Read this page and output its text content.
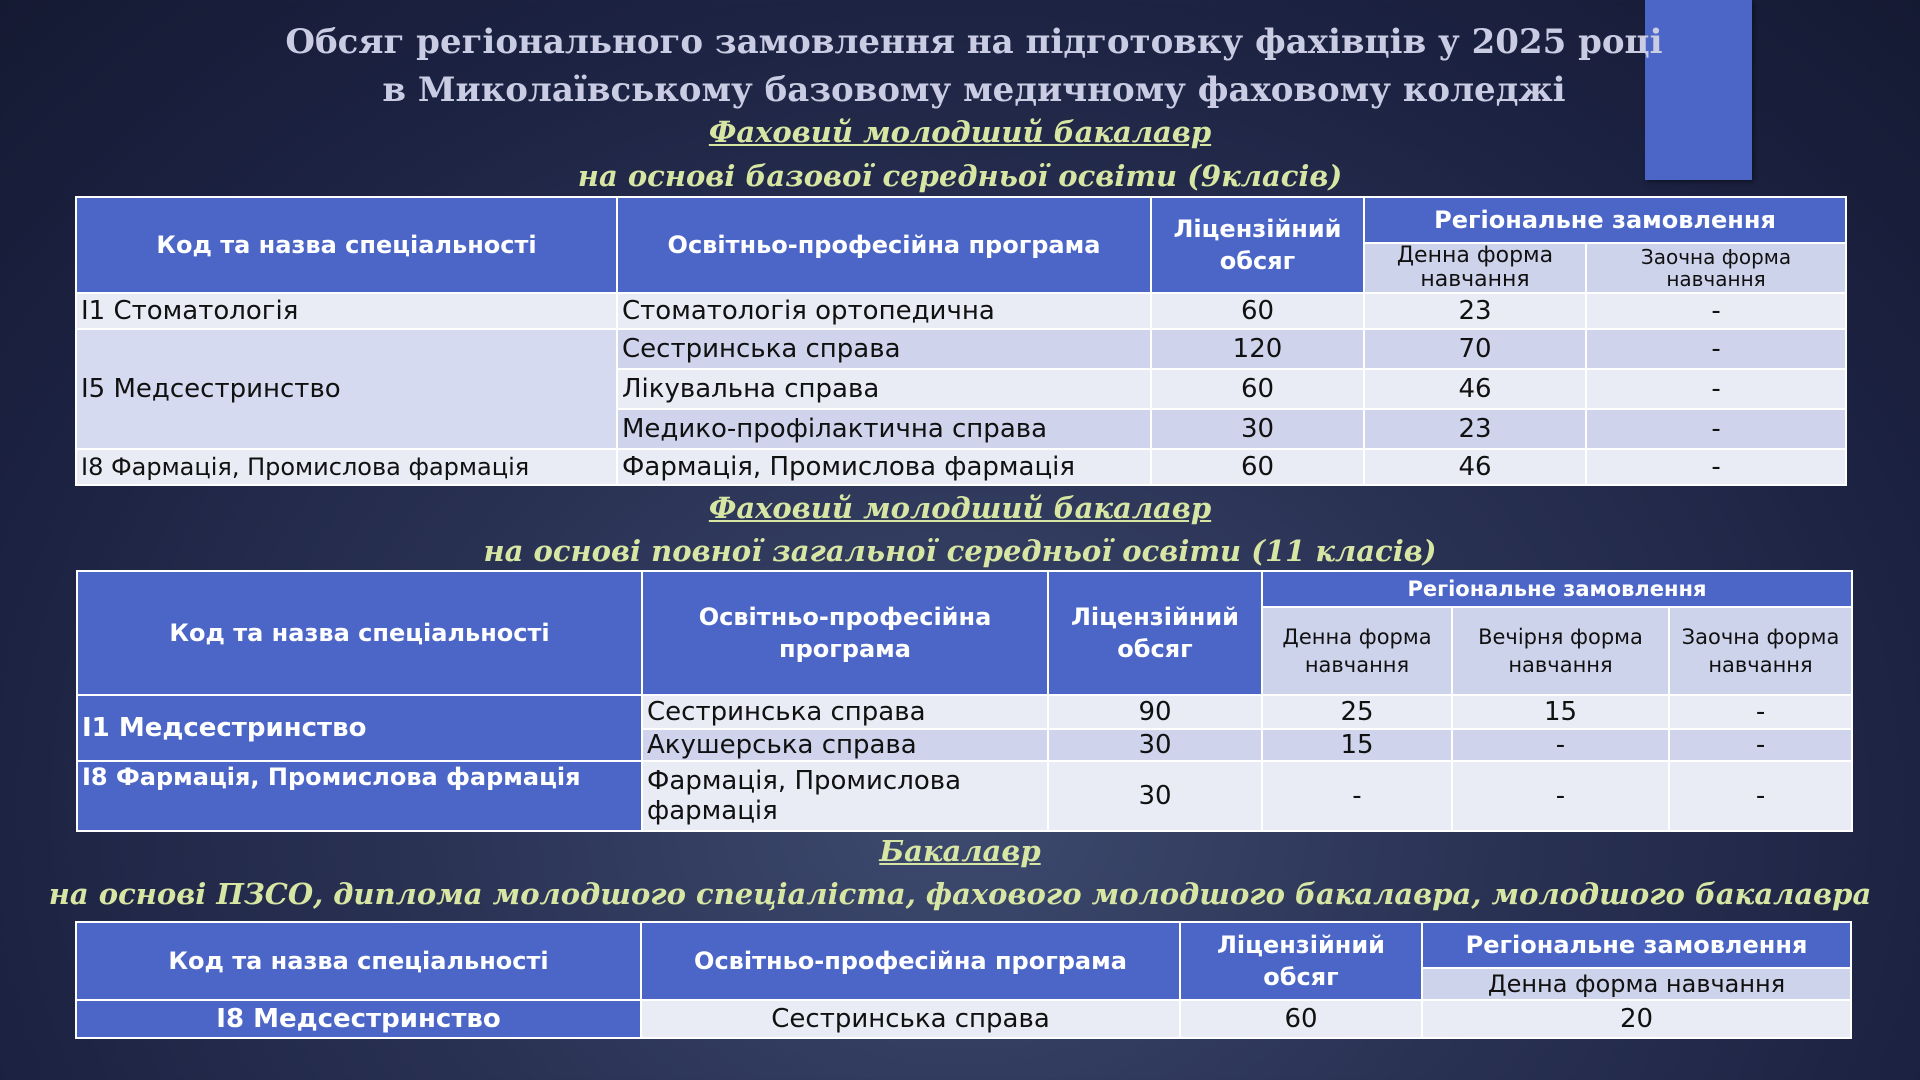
Обсяг регіонального замовлення на підготовку фахівців у 2025 році
в Миколаївському базовому медичному фаховому коледжі
Фаховий молодший бакалавр
на основі базової середньої освіти (9класів)
Код та назва спеціальності	Освітньо-професійна програма	Ліцензійний обсяг	Регіональне замовлення	
			Денна форма навчання	Заочна форма навчання
I1 Стоматологія	Стоматологія ортопедична	60	23	-
I5 Медсестринство	Сестринська справа	120	70	-
	Лікувальна справа	60	46	-
	Медико-профілактична справа	30	23	-
I8 Фармація, Промислова фармація	Фармація, Промислова фармація	60	46	-
Фаховий молодший бакалавр
на основі повної загальної середньої освіти (11 класів)
Код та назва спеціальності	Освітньо-професійна програма	Ліцензійний обсяг	Регіональне замовлення		
			Денна форма навчання	Вечірня форма навчання	Заочна форма навчання
I1 Медсестринство	Сестринська справа	90	25	15	-
	Акушерська справа	30	15	-	-
I8 Фармація, Промислова фармація	Фармація, Промислова фармація	30	-	-	-
Бакалавр
на основі ПЗСО, диплома молодшого спеціаліста, фахового молодшого бакалавра, молодшого бакалавра
Код та назва спеціальності	Освітньо-професійна програма	Ліцензійний обсяг	Регіональне замовлення
			Денна форма навчання
I8 Медсестринство	Сестринська справа	60	20
